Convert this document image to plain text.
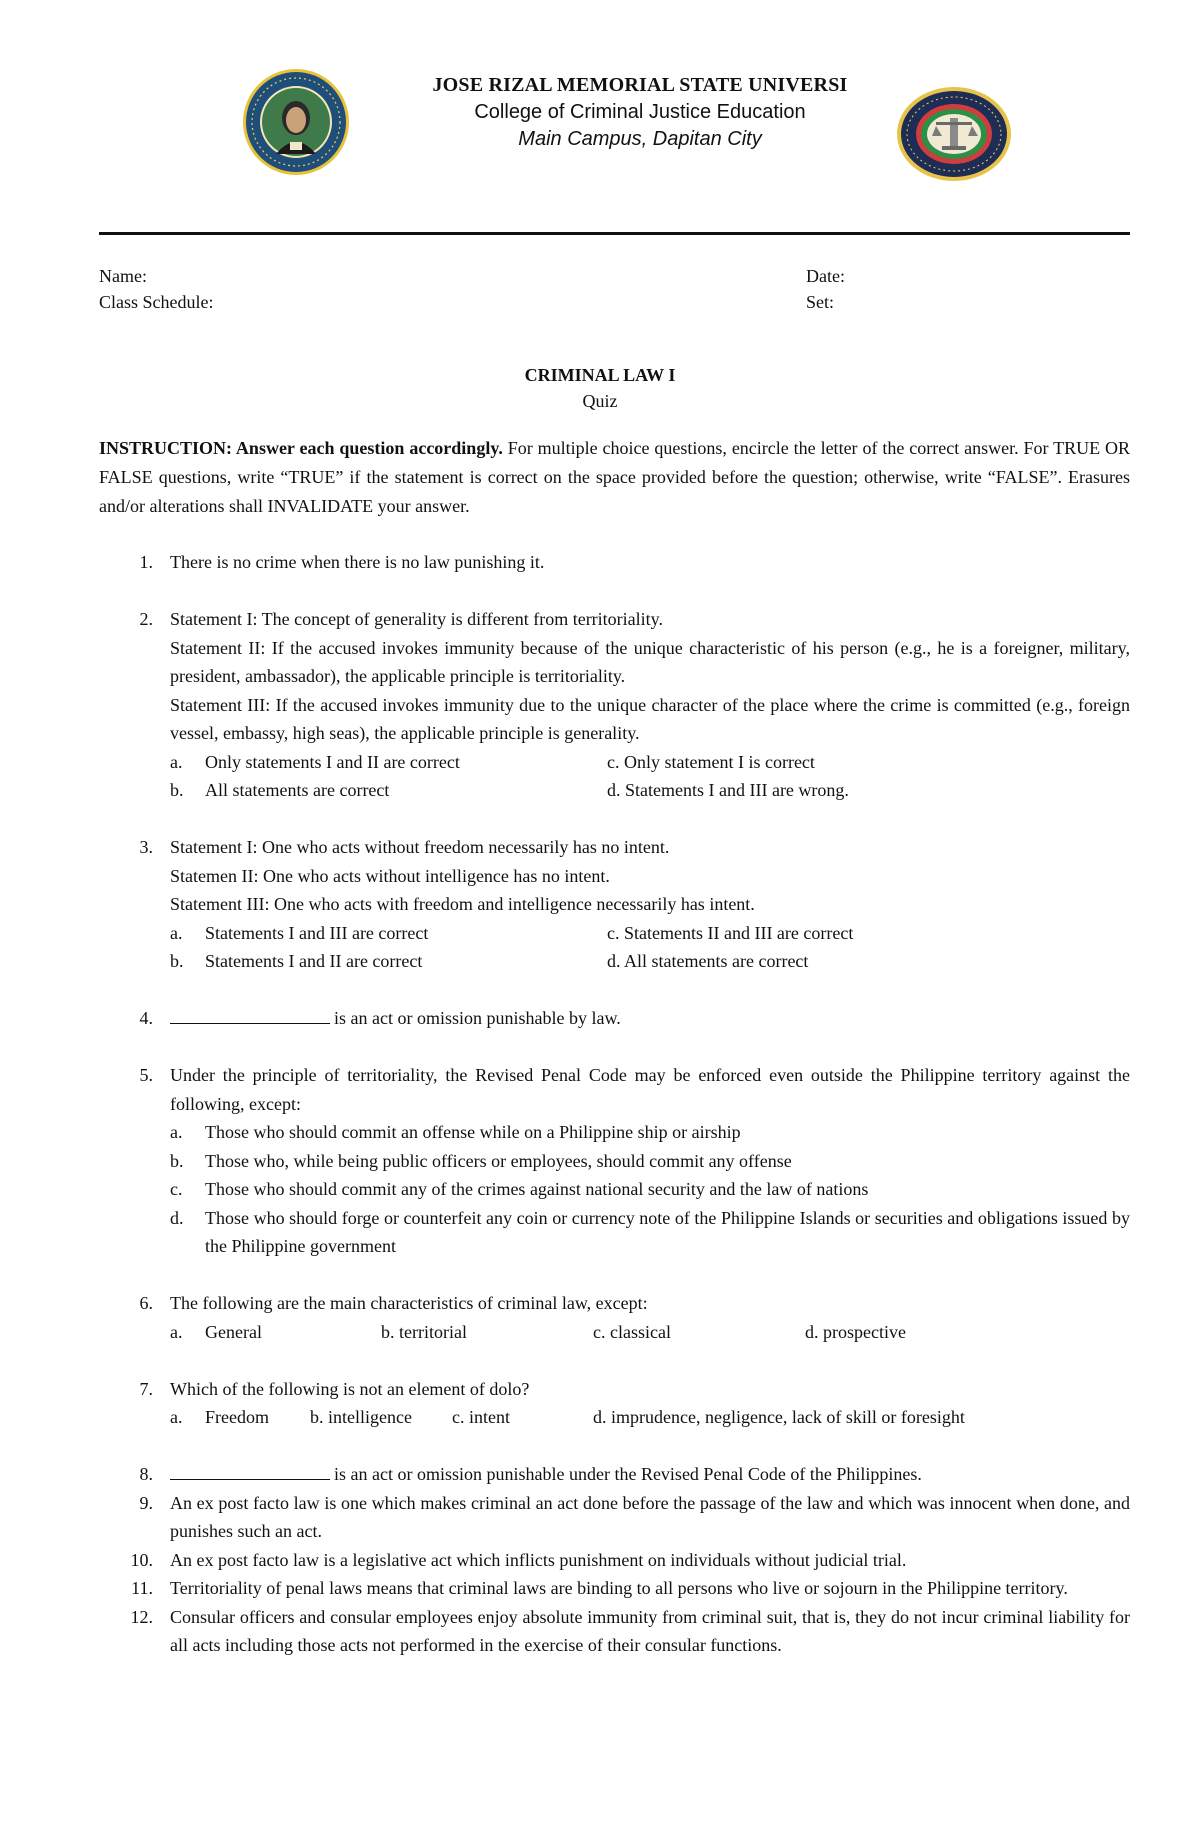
JOSE RIZAL MEMORIAL STATE UNIVERSI
College of Criminal Justice Education
Main Campus, Dapitan City
Name:	Date:
Class Schedule:	Set:
CRIMINAL LAW I
Quiz
INSTRUCTION: Answer each question accordingly. For multiple choice questions, encircle the letter of the correct answer. For TRUE OR FALSE questions, write “TRUE” if the statement is correct on the space provided before the question; otherwise, write “FALSE”. Erasures and/or alterations shall INVALIDATE your answer.
1. There is no crime when there is no law punishing it.
2. Statement I: The concept of generality is different from territoriality.
Statement II: If the accused invokes immunity because of the unique characteristic of his person (e.g., he is a foreigner, military, president, ambassador), the applicable principle is territoriality.
Statement III: If the accused invokes immunity due to the unique character of the place where the crime is committed (e.g., foreign vessel, embassy, high seas), the applicable principle is generality.
a. Only statements I and II are correct	c. Only statement I is correct
b. All statements are correct	d. Statements I and III are wrong.
3. Statement I: One who acts without freedom necessarily has no intent.
Statemen II: One who acts without intelligence has no intent.
Statement III: One who acts with freedom and intelligence necessarily has intent.
a. Statements I and III are correct	c. Statements II and III are correct
b. Statements I and II are correct	d. All statements are correct
4.	is an act or omission punishable by law.
5. Under the principle of territoriality, the Revised Penal Code may be enforced even outside the Philippine territory against the following, except:
a. Those who should commit an offense while on a Philippine ship or airship
b. Those who, while being public officers or employees, should commit any offense
c. Those who should commit any of the crimes against national security and the law of nations
d. Those who should forge or counterfeit any coin or currency note of the Philippine Islands or securities and obligations issued by the Philippine government
6. The following are the main characteristics of criminal law, except:
a. General	b. territorial	c. classical	d. prospective
7. Which of the following is not an element of dolo?
a. Freedom b. intelligence c. intent	d. imprudence, negligence, lack of skill or foresight
8.	is an act or omission punishable under the Revised Penal Code of the Philippines.
9. An ex post facto law is one which makes criminal an act done before the passage of the law and which was innocent when done, and punishes such an act.
10. An ex post facto law is a legislative act which inflicts punishment on individuals without judicial trial.
11. Territoriality of penal laws means that criminal laws are binding to all persons who live or sojourn in the Philippine territory.
12. Consular officers and consular employees enjoy absolute immunity from criminal suit, that is, they do not incur criminal liability for all acts including those acts not performed in the exercise of their consular functions.
